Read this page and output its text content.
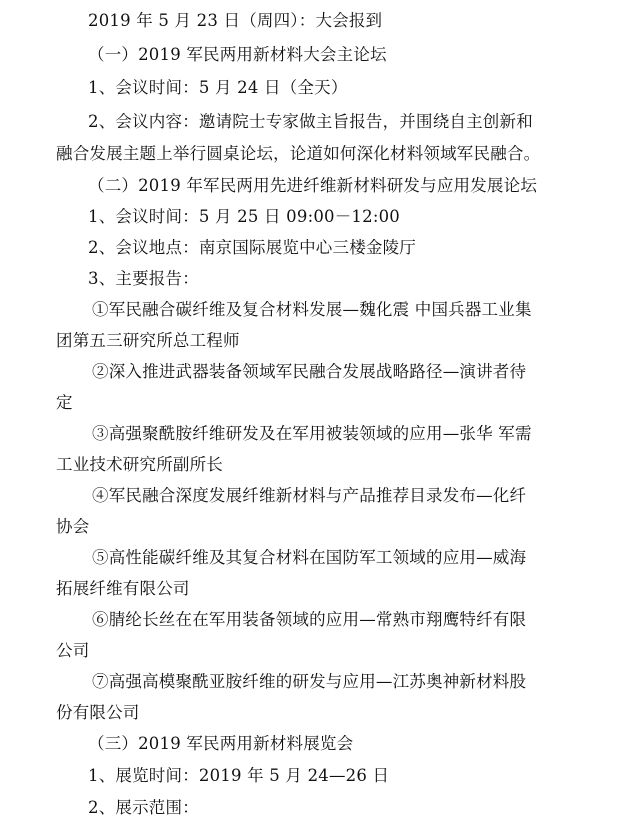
2019 年 5 月 23 日（周四）：大会报到
（一）2019 军民两用新材料大会主论坛
1、会议时间：5 月 24 日（全天）
2、会议内容：邀请院士专家做主旨报告，并围绕自主创新和
融合发展主题上举行圆桌论坛，论道如何深化材料领域军民融合。
（二）2019 年军民两用先进纤维新材料研发与应用发展论坛
1、会议时间：5 月 25 日 09:00－12:00
2、会议地点：南京国际展览中心三楼金陵厅
3、主要报告：
①军民融合碳纤维及复合材料发展—魏化震 中国兵器工业集
团第五三研究所总工程师
②深入推进武器装备领域军民融合发展战略路径—演讲者待
定
③高强聚酰胺纤维研发及在军用被装领域的应用—张华 军需
工业技术研究所副所长
④军民融合深度发展纤维新材料与产品推荐目录发布—化纤
协会
⑤高性能碳纤维及其复合材料在国防军工领域的应用—威海
拓展纤维有限公司
⑥腈纶长丝在在军用装备领域的应用—常熟市翔鹰特纤有限
公司
⑦高强高模聚酰亚胺纤维的研发与应用—江苏奥神新材料股
份有限公司
（三）2019 军民两用新材料展览会
1、展览时间：2019 年 5 月 24—26 日
2、展示范围：
